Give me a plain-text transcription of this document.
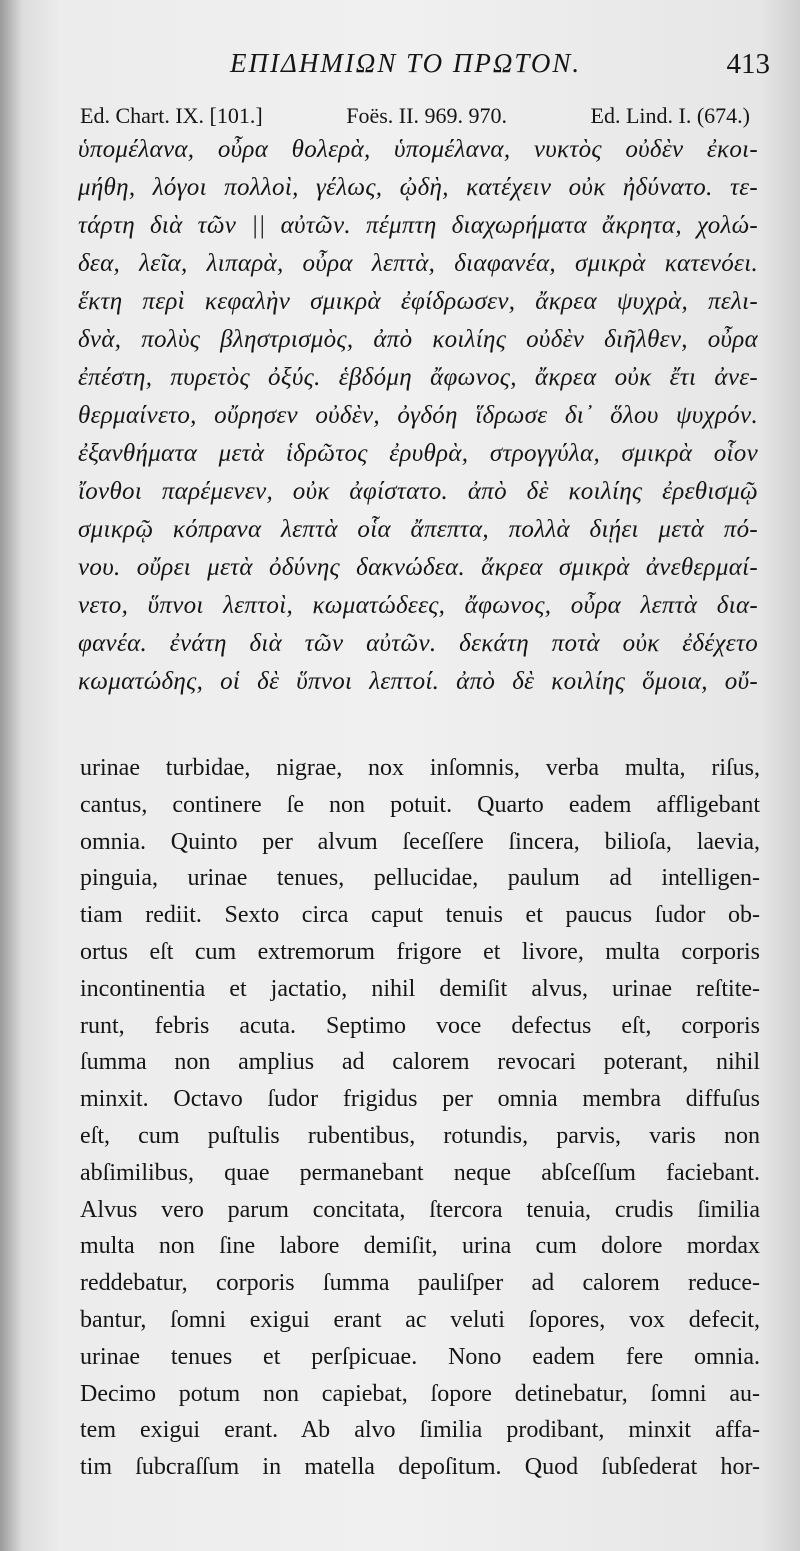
ΕΠΙΔΗΜΙΩΝ ΤΟ ΠΡΩΤΟΝ.	413
Ed. Chart. IX. [101.]	Foës. II. 969. 970.	Ed. Lind. I. (674.)
ὑπομέλανα, οὖρα θολερὰ, ὑπομέλανα, νυκτὸς οὐδὲν ἐκοι-
μήθη, λόγοι πολλοὶ, γέλως, ᾠδὴ, κατέχειν οὐκ ἠδύνατο. τε-
τάρτη διὰ τῶν || αὐτῶν. πέμπτη διαχωρήματα ἄκρητα, χολώ-
δεα, λεῖα, λιπαρὰ, οὖρα λεπτὰ, διαφανέα, σμικρὰ κατενόει.
ἕκτη περὶ κεφαλὴν σμικρὰ ἐφίδρωσεν, ἄκρεα ψυχρὰ, πελι-
δνὰ, πολὺς βληστρισμὸς, ἀπὸ κοιλίης οὐδὲν διῆλθεν, οὖρα
ἐπέστη, πυρετὸς ὀξύς. ἑβδόμη ἄφωνος, ἄκρεα οὐκ ἔτι ἀνε-
θερμαίνετο, οὔρησεν οὐδὲν, ὀγδόη ἵδρωσε δι᾽ ὅλου ψυχρόν.
ἐξανθήματα μετὰ ἱδρῶτος ἐρυθρὰ, στρογγύλα, σμικρὰ οἷον
ἴονθοι παρέμενεν, οὐκ ἀφίστατο. ἀπὸ δὲ κοιλίης ἐρεθισμῷ
σμικρῷ κόπρανα λεπτὰ οἷα ἄπεπτα, πολλὰ διῄει μετὰ πό-
νου. οὔρει μετὰ ὀδύνης δακνώδεα. ἄκρεα σμικρὰ ἀνεθερμαί-
νετο, ὕπνοι λεπτοὶ, κωματώδεες, ἄφωνος, οὖρα λεπτὰ δια-
φανέα. ἐνάτη διὰ τῶν αὐτῶν. δεκάτη ποτὰ οὐκ ἐδέχετο
κωματώδης, οἱ δὲ ὕπνοι λεπτοί. ἀπὸ δὲ κοιλίης ὅμοια, οὔ-
urinae turbidae, nigrae, nox inſomnis, verba multa, riſus,
cantus, continere ſe non potuit. Quarto eadem affligebant
omnia. Quinto per alvum ſeceſſere ſincera, bilioſa, laevia,
pinguia, urinae tenues, pellucidae, paulum ad intelligen-
tiam rediit. Sexto circa caput tenuis et paucus ſudor ob-
ortus eſt cum extremorum frigore et livore, multa corporis
incontinentia et jactatio, nihil demiſit alvus, urinae reſtite-
runt, febris acuta. Septimo voce defectus eſt, corporis
ſumma non amplius ad calorem revocari poterant, nihil
minxit. Octavo ſudor frigidus per omnia membra diffuſus
eſt, cum puſtulis rubentibus, rotundis, parvis, varis non
abſimilibus, quae permanebant neque abſceſſum faciebant.
Alvus vero parum concitata, ſtercora tenuia, crudis ſimilia
multa non ſine labore demiſit, urina cum dolore mordax
reddebatur, corporis ſumma pauliſper ad calorem reduce-
bantur, ſomni exigui erant ac veluti ſopores, vox defecit,
urinae tenues et perſpicuae. Nono eadem fere omnia.
Decimo potum non capiebat, ſopore detinebatur, ſomni au-
tem exigui erant. Ab alvo ſimilia prodibant, minxit affa-
tim ſubcraſſum in matella depoſitum. Quod ſubſederat hor-
